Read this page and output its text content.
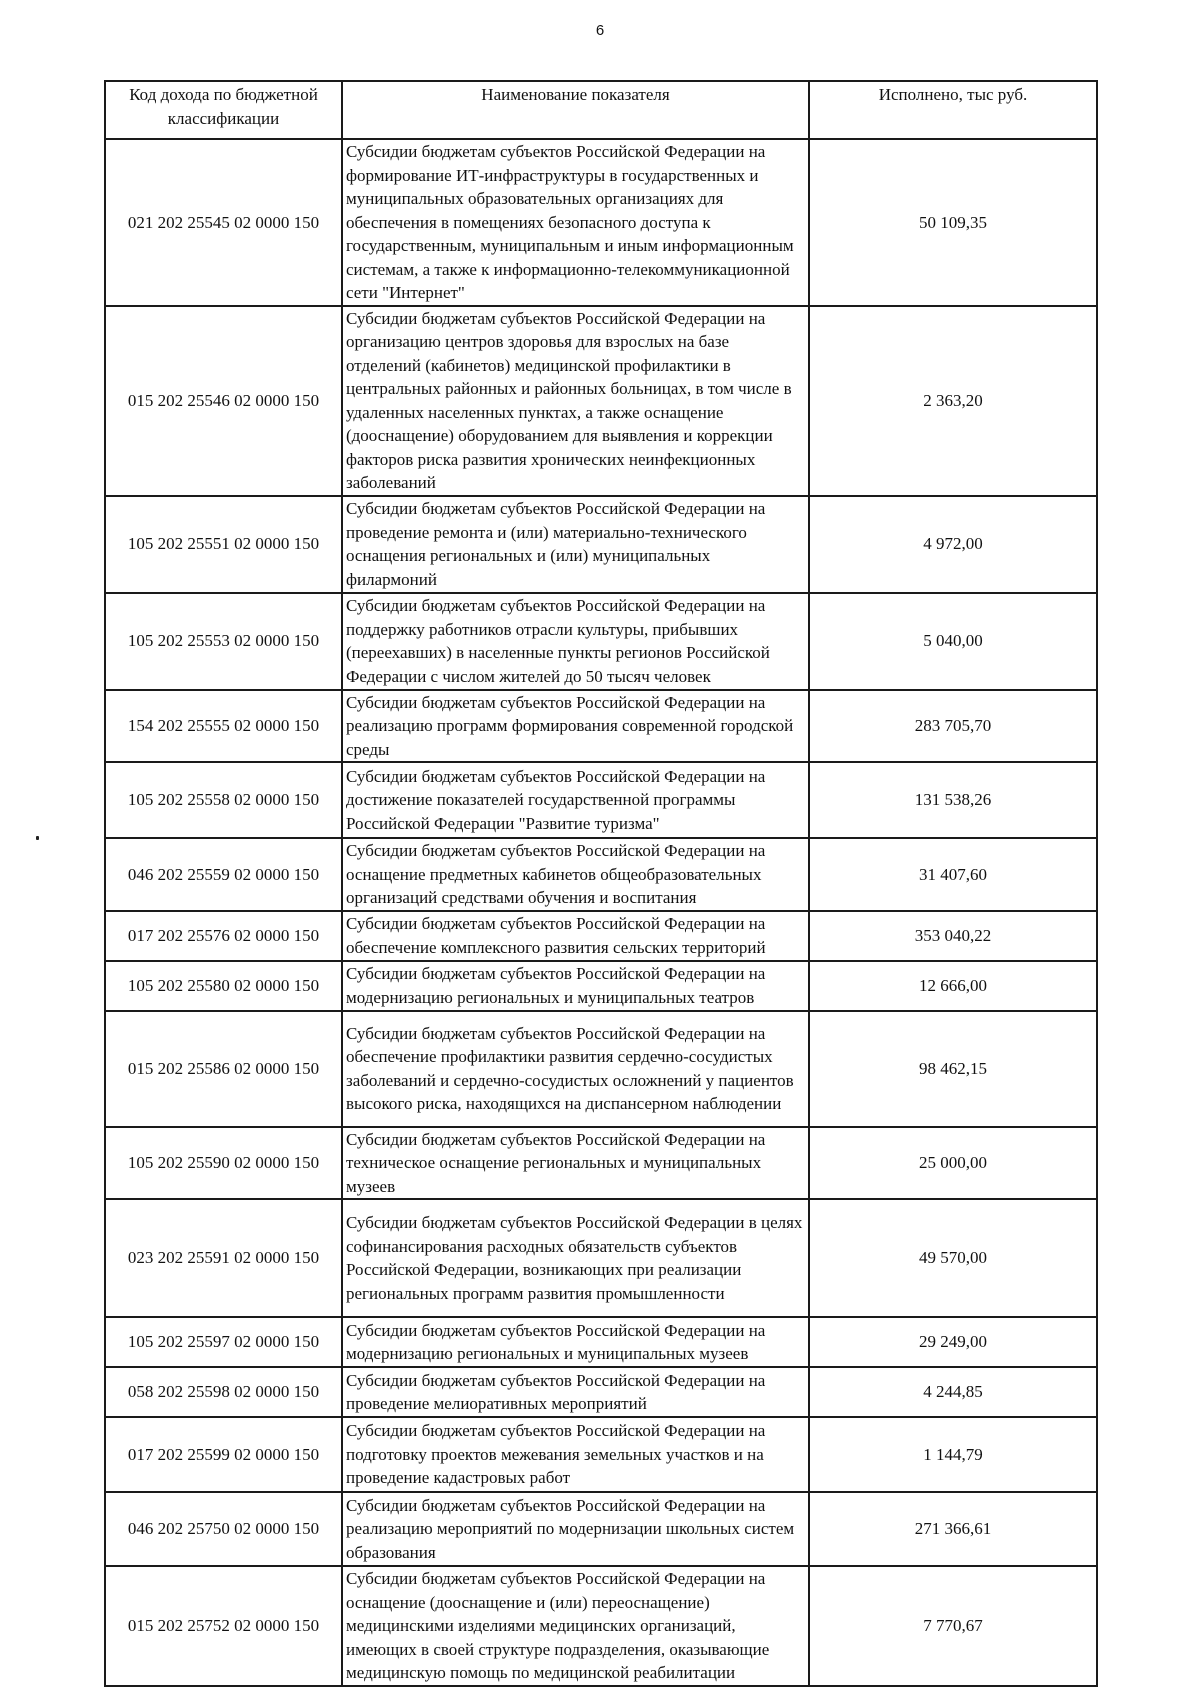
6
Код дохода по бюджетной классификации	Наименование показателя	Исполнено, тыс руб.
021 202 25545 02 0000 150	Субсидии бюджетам субъектов Российской Федерации на формирование ИТ-инфраструктуры в государственных и муниципальных образовательных организациях для обеспечения в помещениях безопасного доступа к государственным, муниципальным и иным информационным системам, а также к информационно-телекоммуникационной сети "Интернет"	50 109,35
015 202 25546 02 0000 150	Субсидии бюджетам субъектов Российской Федерации на организацию центров здоровья для взрослых на базе отделений (кабинетов) медицинской профилактики в центральных районных и районных больницах, в том числе в удаленных населенных пунктах, а также оснащение (дооснащение) оборудованием для выявления и коррекции факторов риска развития хронических неинфекционных заболеваний	2 363,20
105 202 25551 02 0000 150	Субсидии бюджетам субъектов Российской Федерации на проведение ремонта и (или) материально-технического оснащения региональных и (или) муниципальных филармоний	4 972,00
105 202 25553 02 0000 150	Субсидии бюджетам субъектов Российской Федерации на поддержку работников отрасли культуры, прибывших (переехавших) в населенные пункты регионов Российской Федерации с числом жителей до 50 тысяч человек	5 040,00
154 202 25555 02 0000 150	Субсидии бюджетам субъектов Российской Федерации на реализацию программ формирования современной городской среды	283 705,70
105 202 25558 02 0000 150	Субсидии бюджетам субъектов Российской Федерации на достижение показателей государственной программы Российской Федерации "Развитие туризма"	131 538,26
046 202 25559 02 0000 150	Субсидии бюджетам субъектов Российской Федерации на оснащение предметных кабинетов общеобразовательных организаций средствами обучения и воспитания	31 407,60
017 202 25576 02 0000 150	Субсидии бюджетам субъектов Российской Федерации на обеспечение комплексного развития сельских территорий	353 040,22
105 202 25580 02 0000 150	Субсидии бюджетам субъектов Российской Федерации на модернизацию региональных и муниципальных театров	12 666,00
015 202 25586 02 0000 150	Субсидии бюджетам субъектов Российской Федерации на обеспечение профилактики развития сердечно-сосудистых заболеваний и сердечно-сосудистых осложнений у пациентов высокого риска, находящихся на диспансерном наблюдении	98 462,15
105 202 25590 02 0000 150	Субсидии бюджетам субъектов Российской Федерации на техническое оснащение региональных и муниципальных музеев	25 000,00
023 202 25591 02 0000 150	Субсидии бюджетам субъектов Российской Федерации в целях софинансирования расходных обязательств субъектов Российской Федерации, возникающих при реализации региональных программ развития промышленности	49 570,00
105 202 25597 02 0000 150	Субсидии бюджетам субъектов Российской Федерации на модернизацию региональных и муниципальных музеев	29 249,00
058 202 25598 02 0000 150	Субсидии бюджетам субъектов Российской Федерации на проведение мелиоративных мероприятий	4 244,85
017 202 25599 02 0000 150	Субсидии бюджетам субъектов Российской Федерации на подготовку проектов межевания земельных участков и на проведение кадастровых работ	1 144,79
046 202 25750 02 0000 150	Субсидии бюджетам субъектов Российской Федерации на реализацию мероприятий по модернизации школьных систем образования	271 366,61
015 202 25752 02 0000 150	Субсидии бюджетам субъектов Российской Федерации на оснащение (дооснащение и (или) переоснащение) медицинскими изделиями медицинских организаций, имеющих в своей структуре подразделения, оказывающие медицинскую помощь по медицинской реабилитации	7 770,67
